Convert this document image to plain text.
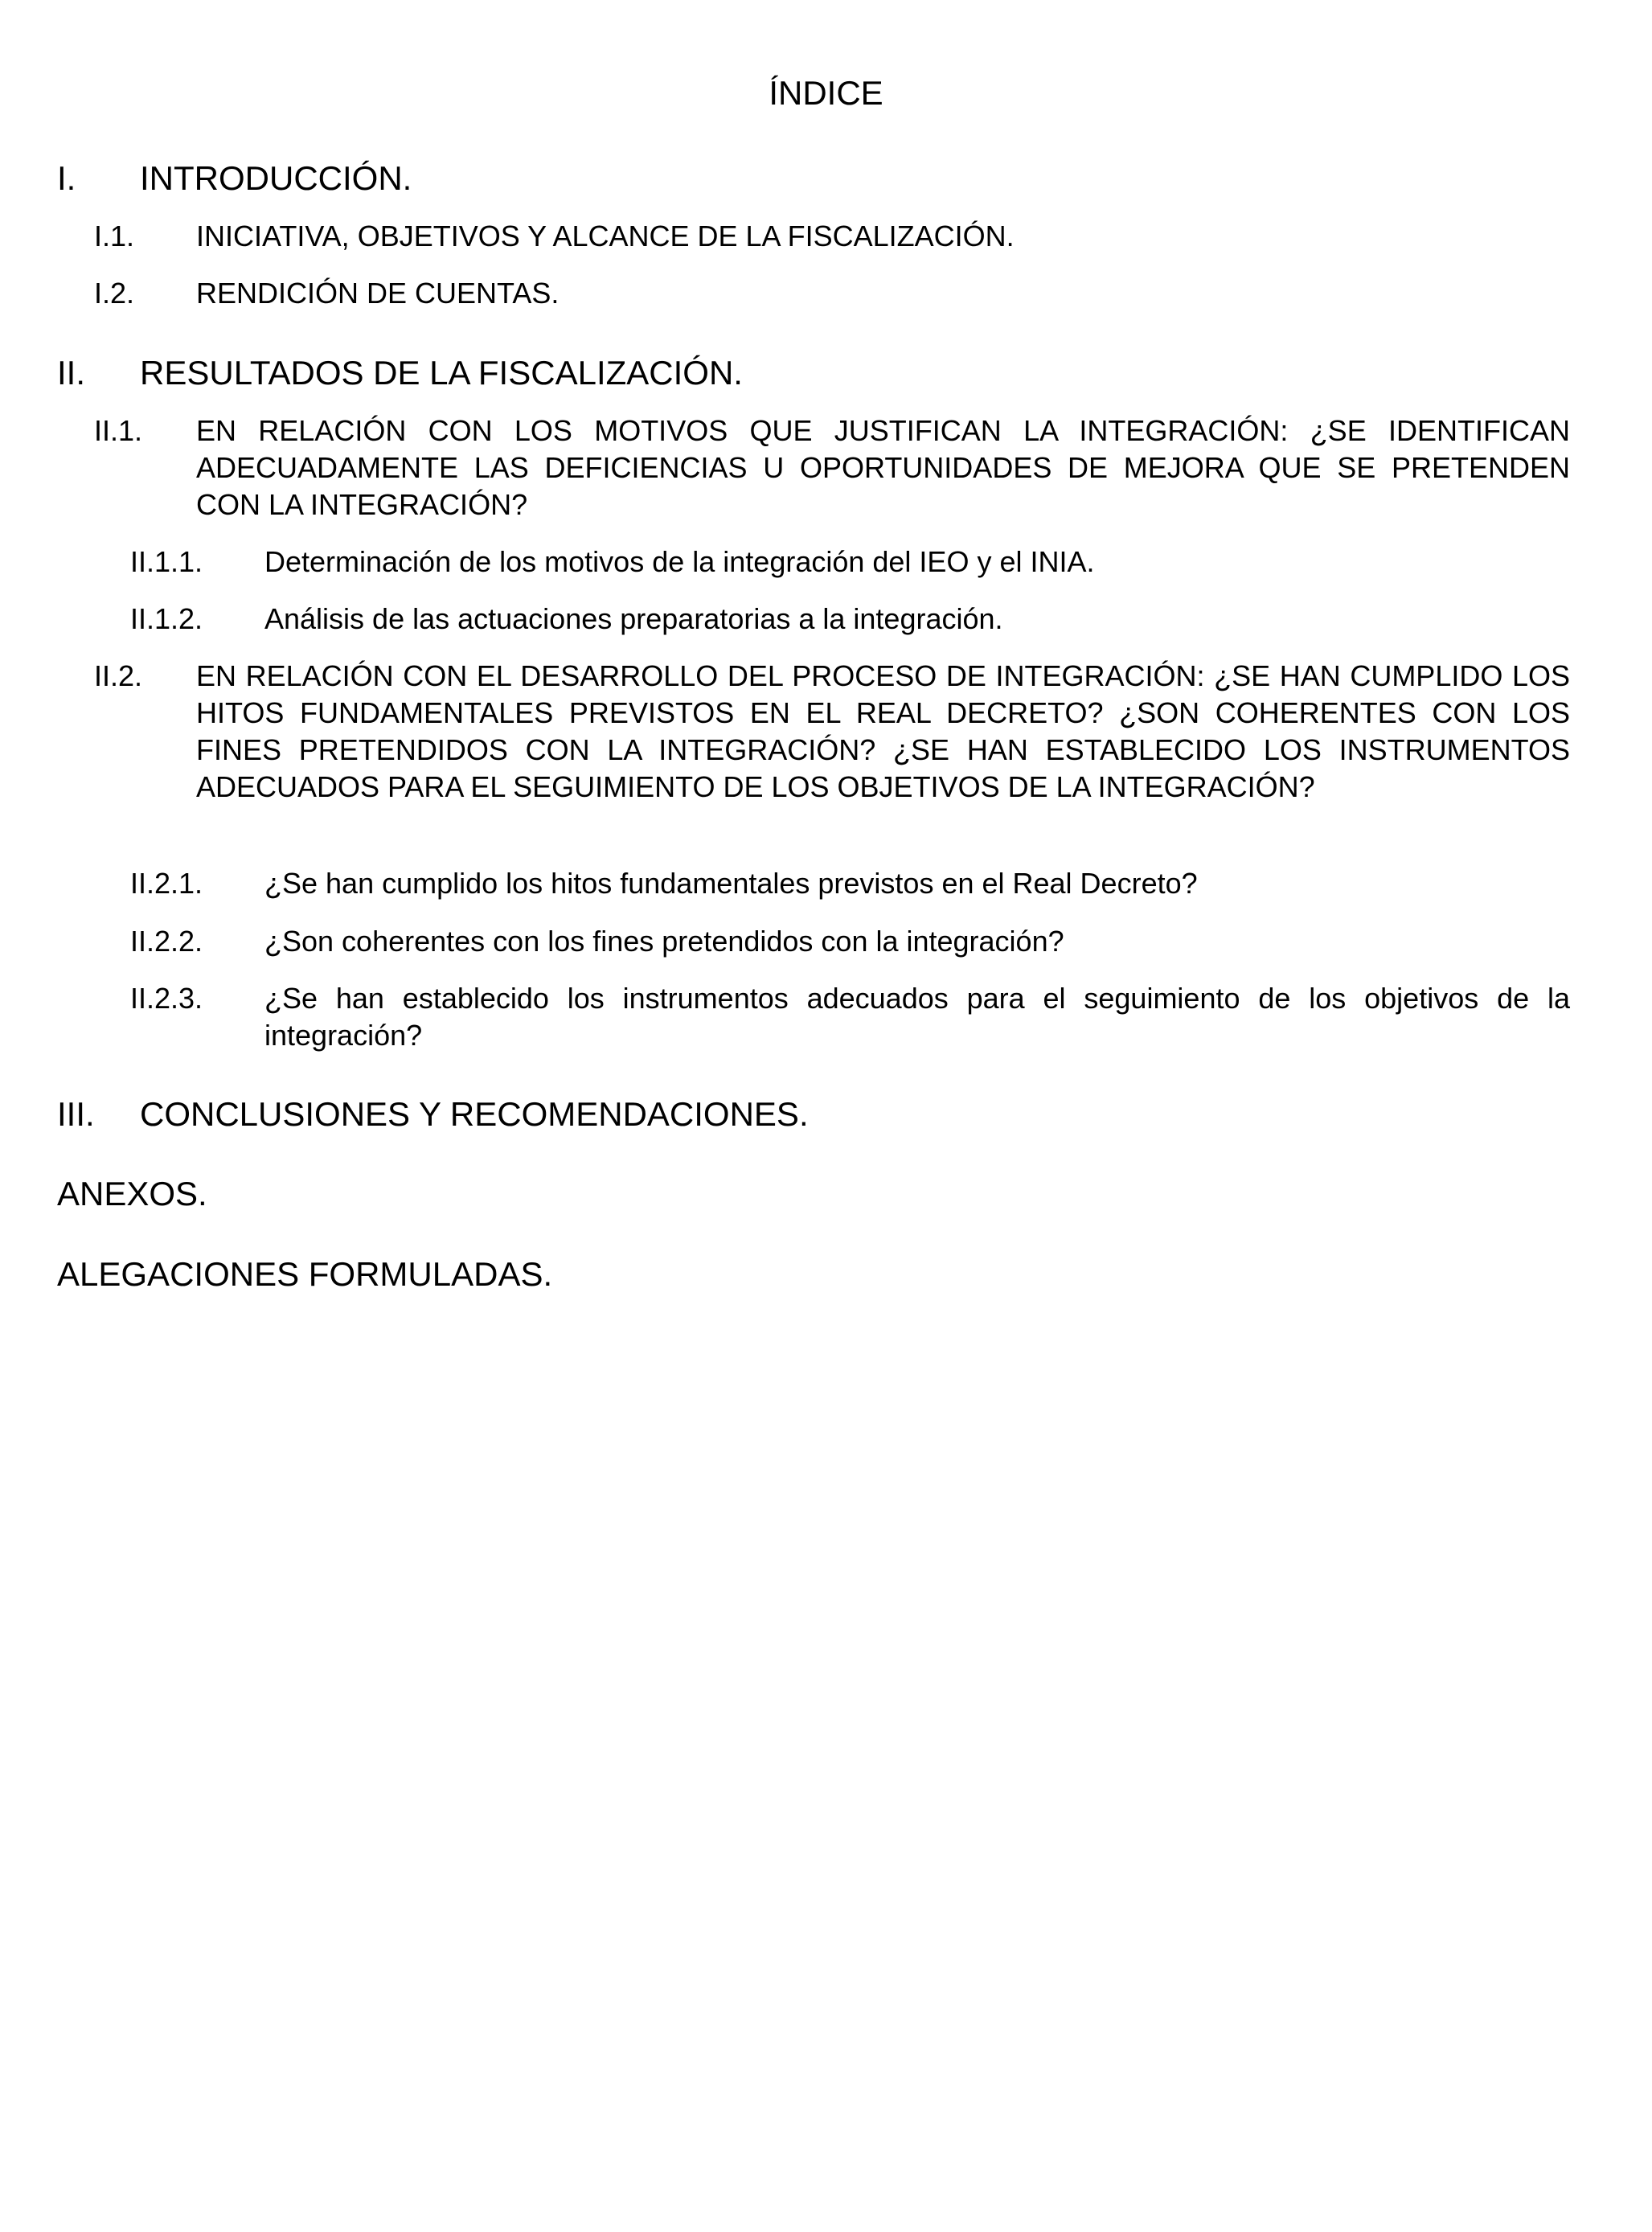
ÍNDICE
I.	INTRODUCCIÓN.
I.1.	INICIATIVA, OBJETIVOS Y ALCANCE DE LA FISCALIZACIÓN.
I.2.	RENDICIÓN DE CUENTAS.
II.	RESULTADOS DE LA FISCALIZACIÓN.
II.1.	EN RELACIÓN CON LOS MOTIVOS QUE JUSTIFICAN LA INTEGRACIÓN: ¿SE IDENTIFICAN ADECUADAMENTE LAS DEFICIENCIAS U OPORTUNIDADES DE MEJORA QUE SE PRETENDEN CON LA INTEGRACIÓN?
II.1.1.	Determinación de los motivos de la integración del IEO y el INIA.
II.1.2.	Análisis de las actuaciones preparatorias a la integración.
II.2.	EN RELACIÓN CON EL DESARROLLO DEL PROCESO DE INTEGRACIÓN: ¿SE HAN CUMPLIDO LOS HITOS FUNDAMENTALES PREVISTOS EN EL REAL DECRETO? ¿SON COHERENTES CON LOS FINES PRETENDIDOS CON LA INTEGRACIÓN? ¿SE HAN ESTABLECIDO LOS INSTRUMENTOS ADECUADOS PARA EL SEGUIMIENTO DE LOS OBJETIVOS DE LA INTEGRACIÓN?
II.2.1.	¿Se han cumplido los hitos fundamentales previstos en el Real Decreto?
II.2.2.	¿Son coherentes con los fines pretendidos con la integración?
II.2.3.	¿Se han establecido los instrumentos adecuados para el seguimiento de los objetivos de la integración?
III.	CONCLUSIONES Y RECOMENDACIONES.
ANEXOS.
ALEGACIONES FORMULADAS.
